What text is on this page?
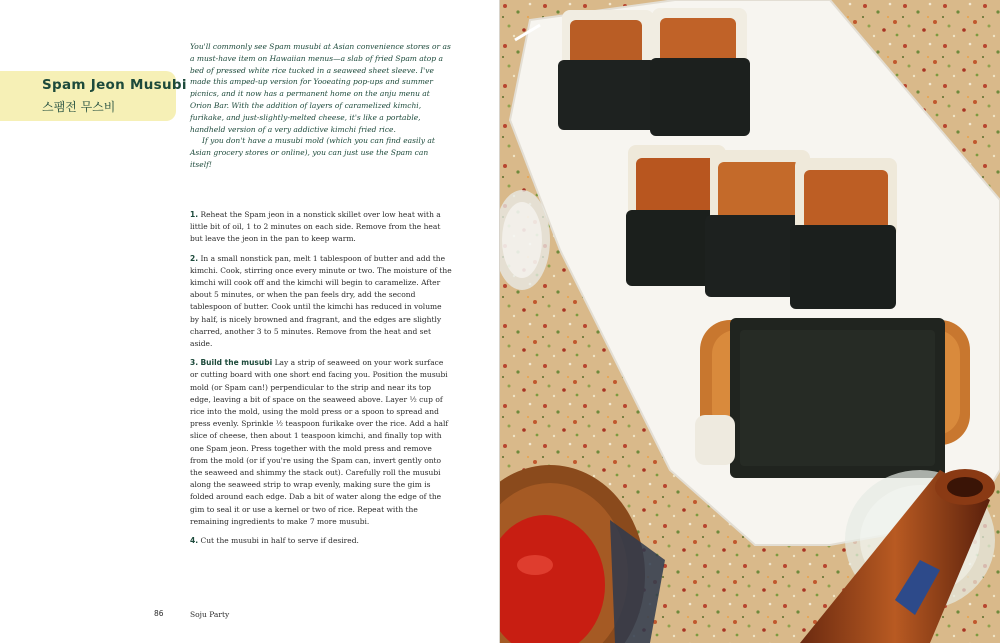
Spam Jeon Musubi
스팸전 무스비

You'll commonly see Spam musubi at Asian convenience stores or as a must-have item on Hawaiian menus—a slab of fried Spam atop a bed of pressed white rice tucked in a seaweed sheet sleeve. I've made this amped-up version for Yooeating pop-ups and summer picnics, and it now has a permanent home on the anju menu at Orion Bar. With the addition of layers of caramelized kimchi, furikake, and just-slightly-melted cheese, it's like a portable, handheld version of a very addictive kimchi fried rice.

If you don't have a musubi mold (which you can find easily at Asian grocery stores or online), you can just use the Spam can itself!

1. Reheat the Spam jeon in a nonstick skillet over low heat with a little bit of oil, 1 to 2 minutes on each side. Remove from the heat but leave the jeon in the pan to keep warm.

2. In a small nonstick pan, melt 1 tablespoon of butter and add the kimchi. Cook, stirring once every minute or two. The moisture of the kimchi will cook off and the kimchi will begin to caramelize. After about 5 minutes, or when the pan feels dry, add the second tablespoon of butter. Cook until the kimchi has reduced in volume by half, is nicely browned and fragrant, and the edges are slightly charred, another 3 to 5 minutes. Remove from the heat and set aside.

3. Build the musubi Lay a strip of seaweed on your work surface or cutting board with one short end facing you. Position the musubi mold (or Spam can!) perpendicular to the strip and near its top edge, leaving a bit of space on the seaweed above. Layer ½ cup of rice into the mold, using the mold press or a spoon to spread and press evenly. Sprinkle ½ teaspoon furikake over the rice. Add a half slice of cheese, then about 1 teaspoon kimchi, and finally top with one Spam jeon. Press together with the mold press and remove from the mold (or if you're using the Spam can, invert gently onto the seaweed and shimmy the stack out). Carefully roll the musubi along the seaweed strip to wrap evenly, making sure the gim is folded around each edge. Dab a bit of water along the edge of the gim to seal it or use a kernel or two of rice. Repeat with the remaining ingredients to make 7 more musubi.

4. Cut the musubi in half to serve if desired.

86	Soju Party
